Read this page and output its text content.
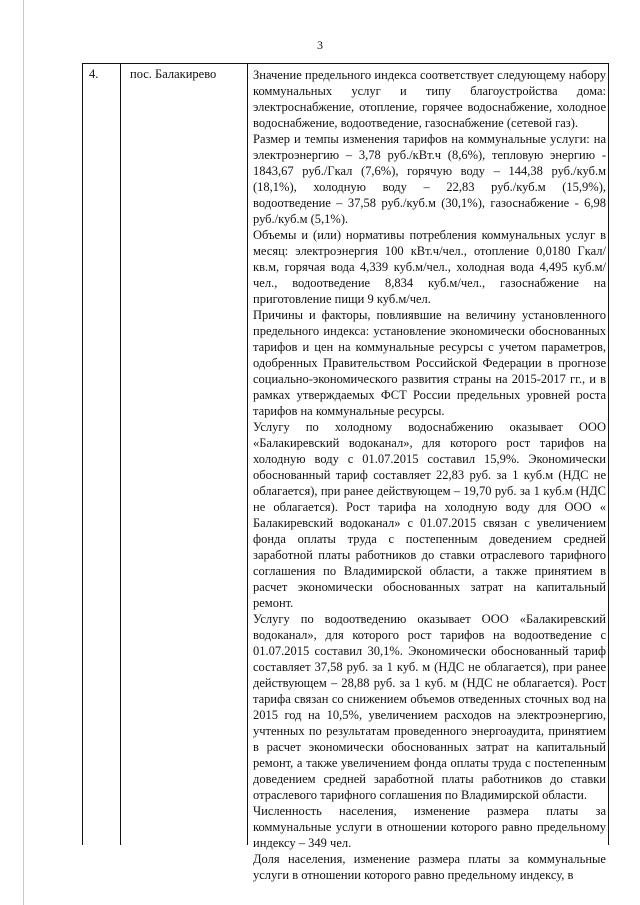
3
4.	пос. Балакирево	Значение предельного индекса соответствует следующему набору коммунальных услуг и типу благоустройства дома: электроснабжение, отопление, горячее водоснабжение, холодное водоснабжение, водоотведение, газоснабжение (сетевой газ).

Размер и темпы изменения тарифов на коммунальные услуги: на электроэнергию – 3,78 руб./кВт.ч (8,6%), тепловую энергию - 1843,67 руб./Гкал (7,6%), горячую воду – 144,38 руб./куб.м (18,1%), холодную воду – 22,83 руб./куб.м (15,9%), водоотведение – 37,58 руб./куб.м (30,1%), газоснабжение - 6,98 руб./куб.м (5,1%).

Объемы и (или) нормативы потребления коммунальных услуг в месяц: электроэнергия 100 кВт.ч/чел., отопление 0,0180 Гкал/кв.м, горячая вода 4,339 куб.м/чел., холодная вода 4,495 куб.м/чел., водоотведение 8,834 куб.м/чел., газоснабжение на приготовление пищи 9 куб.м/чел.

Причины и факторы, повлиявшие на величину установленного предельного индекса: установление экономически обоснованных тарифов и цен на коммунальные ресурсы с учетом параметров, одобренных Правительством Российской Федерации в прогнозе социально-экономического развития страны на 2015-2017 гг., и в рамках утверждаемых ФСТ России предельных уровней роста тарифов на коммунальные ресурсы.

Услугу по холодному водоснабжению оказывает ООО «Балакиревский водоканал», для которого рост тарифов на холодную воду с 01.07.2015 составил 15,9%. Экономически обоснованный тариф составляет 22,83 руб. за 1 куб.м (НДС не облагается), при ранее действующем – 19,70 руб. за 1 куб.м (НДС не облагается). Рост тарифа на холодную воду для ООО « Балакиревский водоканал» с 01.07.2015 связан с увеличением фонда оплаты труда с постепенным доведением средней заработной платы работников до ставки отраслевого тарифного соглашения по Владимирской области, а также принятием в расчет экономически обоснованных затрат на капитальный ремонт.

Услугу по водоотведению оказывает ООО «Балакиревский водоканал», для которого рост тарифов на водоотведение с 01.07.2015 составил 30,1%. Экономически обоснованный тариф составляет 37,58 руб. за 1 куб. м (НДС не облагается), при ранее действующем – 28,88 руб. за 1 куб. м (НДС не облагается). Рост тарифа связан со снижением объемов отведенных сточных вод на 2015 год на 10,5%, увеличением расходов на электроэнергию, учтенных по результатам проведенного энергоаудита, принятием в расчет экономически обоснованных затрат на капитальный ремонт, а также увеличением фонда оплаты труда с постепенным доведением средней заработной платы работников до ставки отраслевого тарифного соглашения по Владимирской области.

Численность населения, изменение размера платы за коммунальные услуги в отношении которого равно предельному индексу – 349 чел.

Доля населения, изменение размера платы за коммунальные услуги в отношении которого равно предельному индексу, в
